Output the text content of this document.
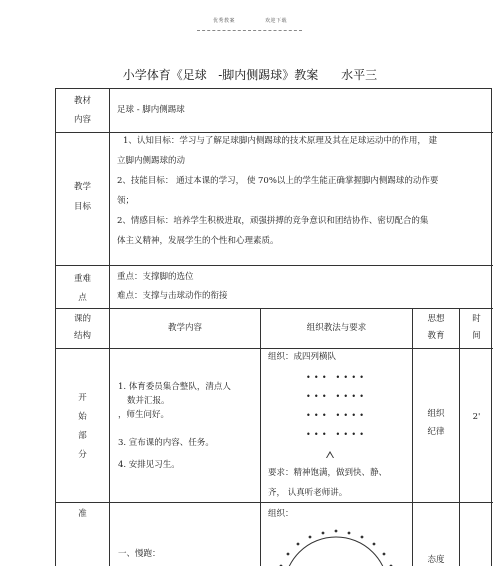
优秀教案	欢迎下载
小学体育《足球   -脚内侧踢球》教案      水平三
教材
内容
足球 - 脚内侧踢球
教学
目标
1、认知目标：学习与了解足球脚内侧踢球的技术原理及其在足球运动中的作用， 建
立脚内侧踢球的动
2、技能目标： 通过本课的学习， 使 70%以上的学生能正确掌握脚内侧踢球的动作要
领；
2、情感目标：培养学生积极进取，顽强拼搏的竞争意识和团结协作、密切配合的集
体主义精神，发展学生的个性和心理素质。
重难
点
重点：支撑脚的选位
难点：支撑与击球动作的衔接
课的
结构
教学内容	组织教法与要求
思想
教育
时
间
开
始
部
分
1. 体育委员集合整队，清点人
数并汇报。
，师生问好。
3. 宣布课的内容、任务。
4. 安排见习生。
组织：成四列横队
••• ••••
••• ••••
••• ••••
••• ••••
要求：精神饱满，做到快、静、
齐， 认真听老师讲。
组织
纪律
2'
准
一、慢跑：
组织：
态度
